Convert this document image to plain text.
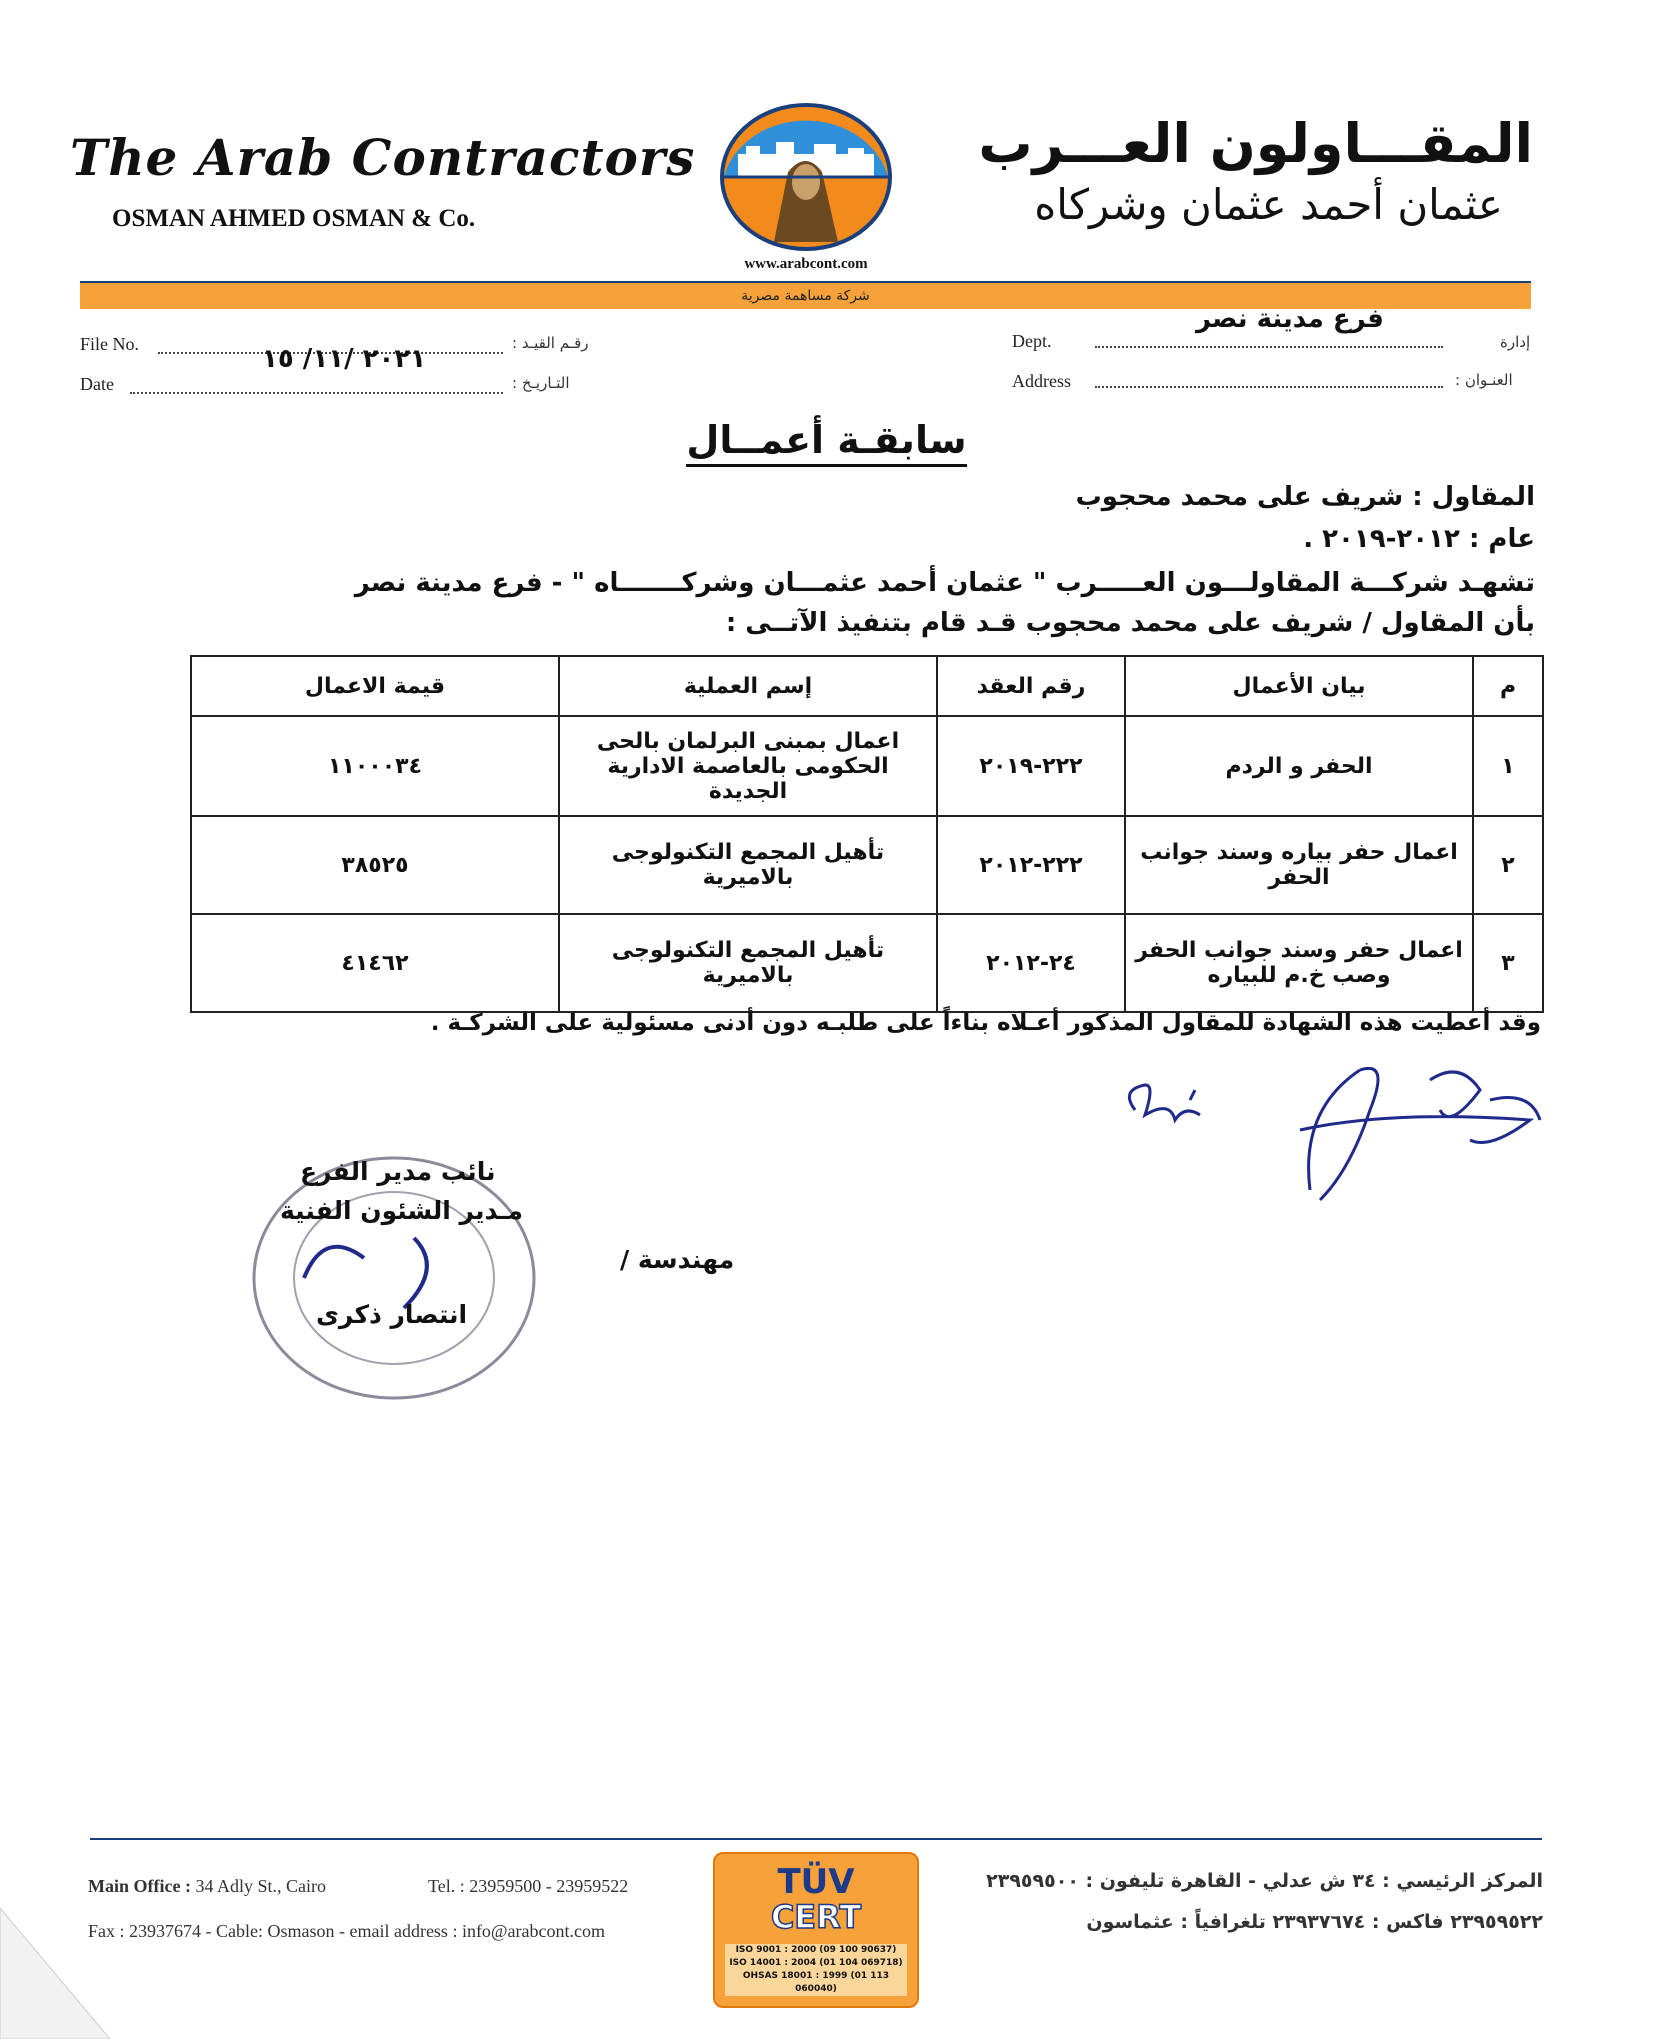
The Arab Contractors
OSMAN AHMED OSMAN & Co.
المقـــاولون العـــرب
عثمان أحمد عثمان وشركاه
www.arabcont.com
شركة مساهمة مصرية
File No.	رقـم القيـد :
Date	التـاريـخ :
٢٠٢١ /١١/ ١٥
Dept.	إدارة
فرع مدينة نصر
Address	العنـوان :
سابقـة أعمــال
المقاول : شريف على محمد محجوب
عام : ٢٠١٢-٢٠١٩ .
تشهـد شركـــة المقاولـــون العـــــرب " عثمان أحمد عثمـــان وشركـــــــاه " - فرع مدينة نصر
بأن المقاول / شريف على محمد محجوب قـد قام بتنفيذ الآتــى :
م	بيان الأعمال	رقم العقد	إسم العملية	قيمة الاعمال
١	الحفر و الردم	٢٢٢-٢٠١٩	اعمال بمبنى البرلمان بالحى الحكومى بالعاصمة الادارية الجديدة	١١٠٠٠٣٤
٢	اعمال حفر بياره وسند جوانب الحفر	٢٢٢-٢٠١٢	تأهيل المجمع التكنولوجى بالاميرية	٣٨٥٢٥
٣	اعمال حفر وسند جوانب الحفر وصب خ.م للبياره	٢٤-٢٠١٢	تأهيل المجمع التكنولوجى بالاميرية	٤١٤٦٢
وقد أعطيت هذه الشهادة للمقاول المذكور أعـلاه بناءاً على طلبـه دون أدنى مسئولية على الشركـة .
نائب مدير الفرع
مـدير الشئون الفنية
انتصار ذكرى
مهندسة /
Main Office : 34 Adly St., Cairo	Tel. : 23959500 - 23959522
Fax : 23937674 - Cable: Osmason - email address : info@arabcont.com
TÜV
CERT
ISO 9001 : 2000 (09 100 90637)
ISO 14001 : 2004 (01 104 069718)
OHSAS 18001 : 1999 (01 113 060040)
المركز الرئيسي : ٣٤ ش عدلي - القاهرة تليفون : ٢٣٩٥٩٥٠٠
٢٣٩٥٩٥٢٢ فاكس : ٢٣٩٣٧٦٧٤ تلغرافياً : عثماسون
